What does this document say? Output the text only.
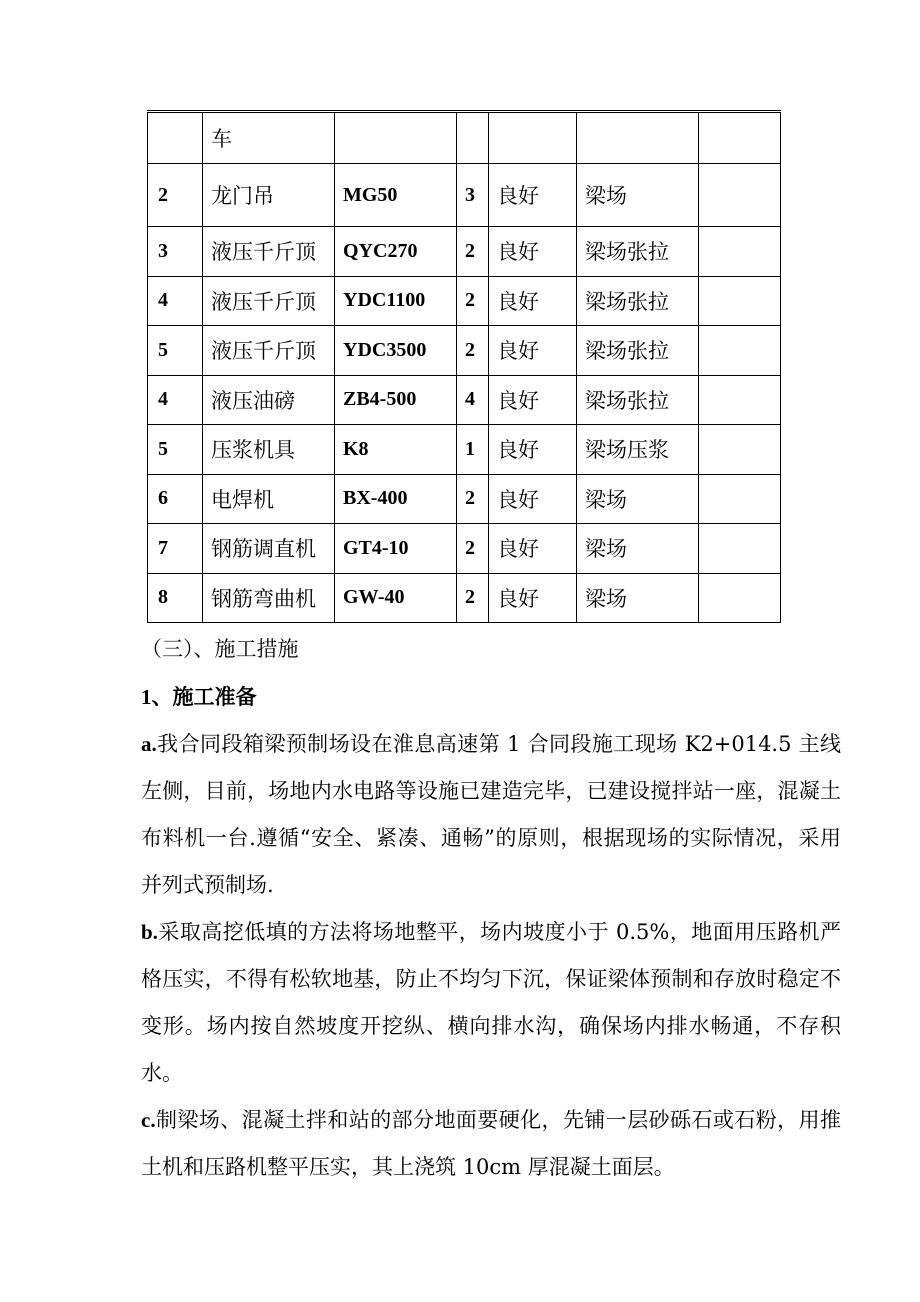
	车					
2	龙门吊	MG50	3	良好	梁场	
3	液压千斤顶	QYC270	2	良好	梁场张拉	
4	液压千斤顶	YDC1100	2	良好	梁场张拉	
5	液压千斤顶	YDC3500	2	良好	梁场张拉	
4	液压油磅	ZB4-500	4	良好	梁场张拉	
5	压浆机具	K8	1	良好	梁场压浆	
6	电焊机	BX-400	2	良好	梁场	
7	钢筋调直机	GT4-10	2	良好	梁场	
8	钢筋弯曲机	GW-40	2	良好	梁场	

（三）、施工措施

1、施工准备

a.我合同段箱梁预制场设在淮息高速第 1 合同段施工现场 K2+014.5 主线左侧，目前，场地内水电路等设施已建造完毕，已建设搅拌站一座，混凝土布料机一台.遵循“安全、紧凑、通畅”的原则，根据现场的实际情况，采用并列式预制场.

b.采取高挖低填的方法将场地整平，场内坡度小于 0.5%，地面用压路机严格压实，不得有松软地基，防止不均匀下沉，保证梁体预制和存放时稳定不变形。场内按自然坡度开挖纵、横向排水沟，确保场内排水畅通，不存积水。

c.制梁场、混凝土拌和站的部分地面要硬化，先铺一层砂砾石或石粉，用推土机和压路机整平压实，其上浇筑 10cm 厚混凝土面层。
